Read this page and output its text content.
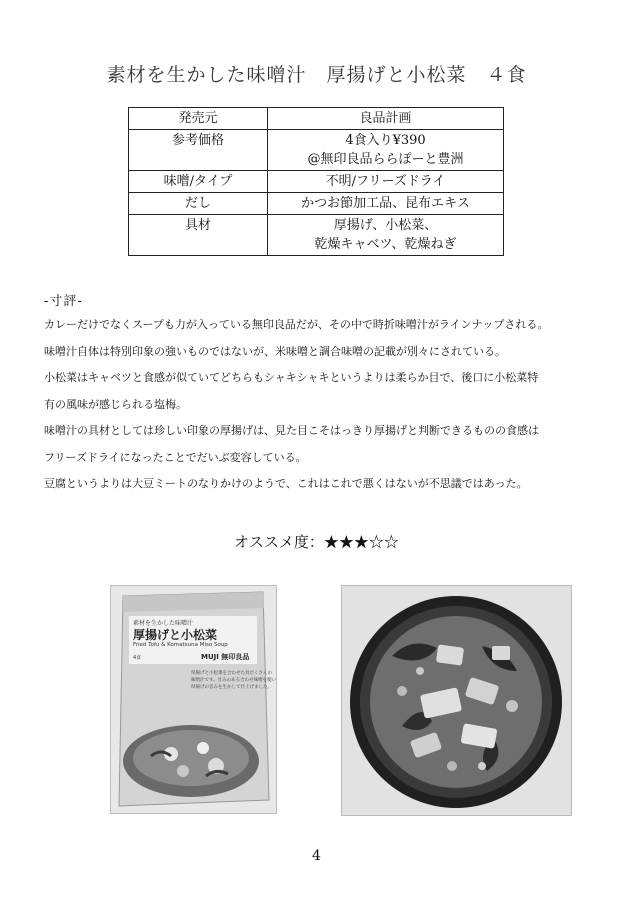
素材を生かした味噌汁　厚揚げと小松菜　４食
発売元	良品計画
参考価格	4食入り¥390
@無印良品ららぽーと豊洲

味噌/タイプ	不明/フリーズドライ
だし	かつお節加工品、昆布エキス
具材	厚揚げ、小松菜、
乾燥キャベツ、乾燥ねぎ
-寸評-

カレーだけでなくスープも力が入っている無印良品だが、その中で時折味噌汁がラインナップされる。

味噌汁自体は特別印象の強いものではないが、米味噌と調合味噌の記載が別々にされている。

小松菜はキャベツと食感が似ていてどちらもシャキシャキというよりは柔らか目で、後口に小松菜特

有の風味が感じられる塩梅。

味噌汁の具材としては珍しい印象の厚揚げは、見た目こそはっきり厚揚げと判断できるものの食感は

フリーズドライになったことでだいぶ変容している。

豆腐というよりは大豆ミートのなりかけのようで、これはこれで悪くはないが不思議ではあった。

オススメ度：★★★☆☆
素材を生かした味噌汁
厚揚げと小松菜
Fried Tofu & Komatsuna Miso Soup
4食	MUJI 無印良品
厚揚げと小松菜を合わせた具だくさんの
味噌汁です。甘みのある合わせ味噌を使い
厚揚げの旨みを生かして仕上げました。
4
